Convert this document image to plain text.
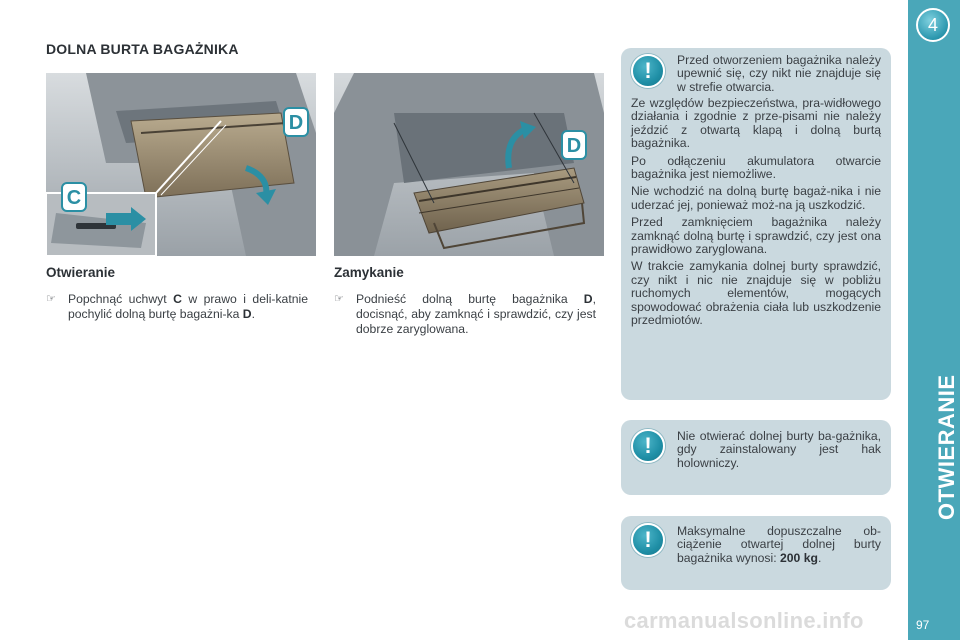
DOLNA BURTA BAGAŻNIKA
D
C
D
Otwieranie	Zamykanie
☞ Popchnąć uchwyt C w prawo i deli-katnie pochylić dolną burtę bagażni-ka D.
☞ Podnieść dolną burtę bagażnika D, docisnąć, aby zamknąć i sprawdzić, czy jest dobrze zaryglowana.
!	Przed otworzeniem bagażnika należy upewnić się, czy nikt nie znajduje się w strefie otwarcia.

Ze względów bezpieczeństwa, pra-widłowego działania i zgodnie z prze-pisami nie należy jeździć z otwartą klapą i dolną burtą bagażnika.

Po odłączeniu akumulatora otwarcie bagażnika jest niemożliwe.

Nie wchodzić na dolną burtę bagaż-nika i nie uderzać jej, ponieważ moż-na ją uszkodzić.

Przed zamknięciem bagażnika należy zamknąć dolną burtę i sprawdzić, czy jest ona prawidłowo zaryglowana.

W trakcie zamykania dolnej burty sprawdzić, czy nikt i nic nie znajduje się w pobliżu ruchomych elementów, mogących spowodować obrażenia ciała lub uszkodzenie przedmiotów.

!	Nie otwierać dolnej burty ba-gażnika, gdy zainstalowany jest hak holowniczy.
!	Maksymalne dopuszczalne ob-ciążenie otwartej dolnej burty bagażnika wynosi: 200 kg.
4
OTWIERANIE
97
carmanualsonline.info
